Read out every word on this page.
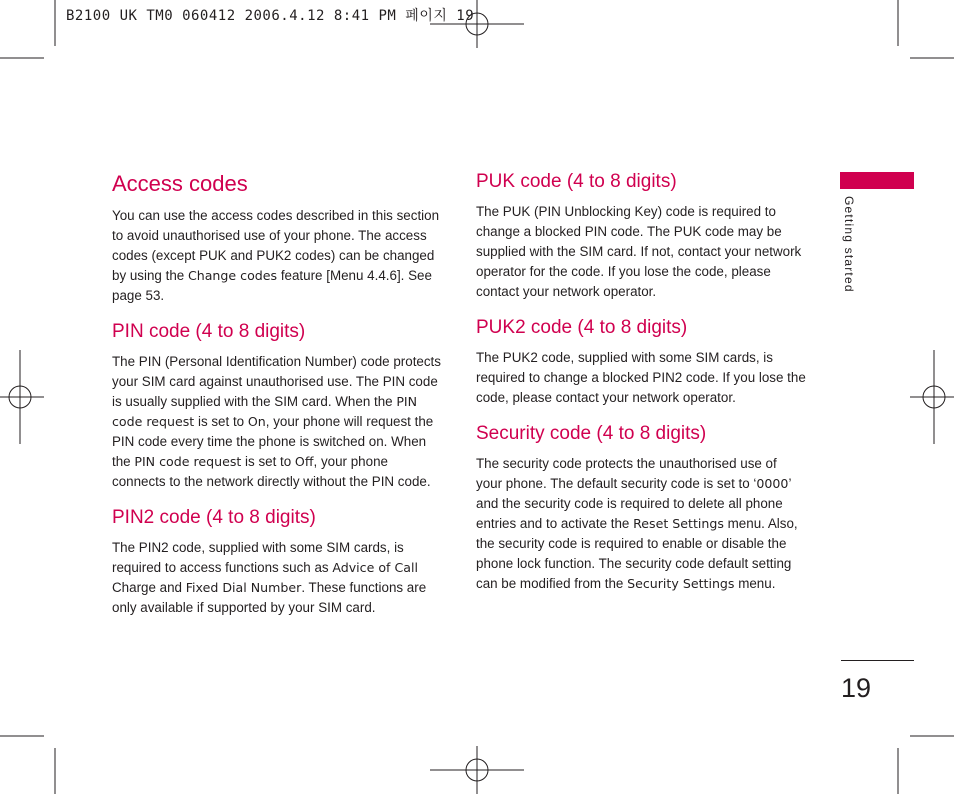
B2100 UK TM0 060412 2006.4.12 8:41 PM 페이지 19
Access codes

You can use the access codes described in this section to avoid unauthorised use of your phone. The access codes (except PUK and PUK2 codes) can be changed by using the Change codes feature [Menu 4.4.6]. See page 53.

PIN code (4 to 8 digits)

The PIN (Personal Identification Number) code protects your SIM card against unauthorised use. The PIN code is usually supplied with the SIM card. When the PIN code request is set to On, your phone will request the PIN code every time the phone is switched on. When the PIN code request is set to Off, your phone connects to the network directly without the PIN code.

PIN2 code (4 to 8 digits)

The PIN2 code, supplied with some SIM cards, is required to access functions such as Advice of Call Charge and Fixed Dial Number. These functions are only available if supported by your SIM card.

PUK code (4 to 8 digits)

The PUK (PIN Unblocking Key) code is required to change a blocked PIN code. The PUK code may be supplied with the SIM card. If not, contact your network operator for the code. If you lose the code, please contact your network operator.

PUK2 code (4 to 8 digits)

The PUK2 code, supplied with some SIM cards, is required to change a blocked PIN2 code. If you lose the code, please contact your network operator.

Security code (4 to 8 digits)

The security code protects the unauthorised use of your phone. The default security code is set to ‘0000’ and the security code is required to delete all phone entries and to activate the Reset Settings menu. Also, the security code is required to enable or disable the phone lock function. The security code default setting can be modified from the Security Settings menu.

Getting started
19
